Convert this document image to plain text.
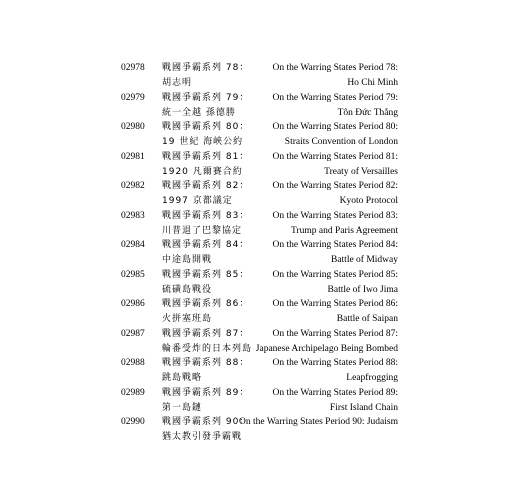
02978 戰國爭霸系列 78：
胡志明
On the Warring States Period 78:
Ho Chi Minh
02979 戰國爭霸系列 79：
統一全越 孫德勝
On the Warring States Period 79:
Tôn Đức Thắng
02980 戰國爭霸系列 80：
19 世紀 海峽公約
On the Warring States Period 80:
Straits Convention of London
02981 戰國爭霸系列 81：
1920 凡爾賽合約
On the Warring States Period 81:
Treaty of Versailles
02982 戰國爭霸系列 82：
1997 京都議定
On the Warring States Period 82:
Kyoto Protocol
02983 戰國爭霸系列 83：
川普退了巴黎協定
On the Warring States Period 83:
Trump and Paris Agreement
02984 戰國爭霸系列 84：
中途島開戰
On the Warring States Period 84:
Battle of Midway
02985 戰國爭霸系列 85：
硫磺島戰役
On the Warring States Period 85:
Battle of Iwo Jima
02986 戰國爭霸系列 86：
火拼塞班島
On the Warring States Period 86:
Battle of Saipan
02987 戰國爭霸系列 87：
輪番受炸的日本列島
On the Warring States Period 87:
Japanese Archipelago Being Bombed
02988 戰國爭霸系列 88：
跳島戰略
On the Warring States Period 88:
Leapfrogging
02989 戰國爭霸系列 89：
第一島鏈
On the Warring States Period 89:
First Island Chain
02990 戰國爭霸系列 90：
猶太教引發爭霸戰
On the Warring States Period 90: Judaism
